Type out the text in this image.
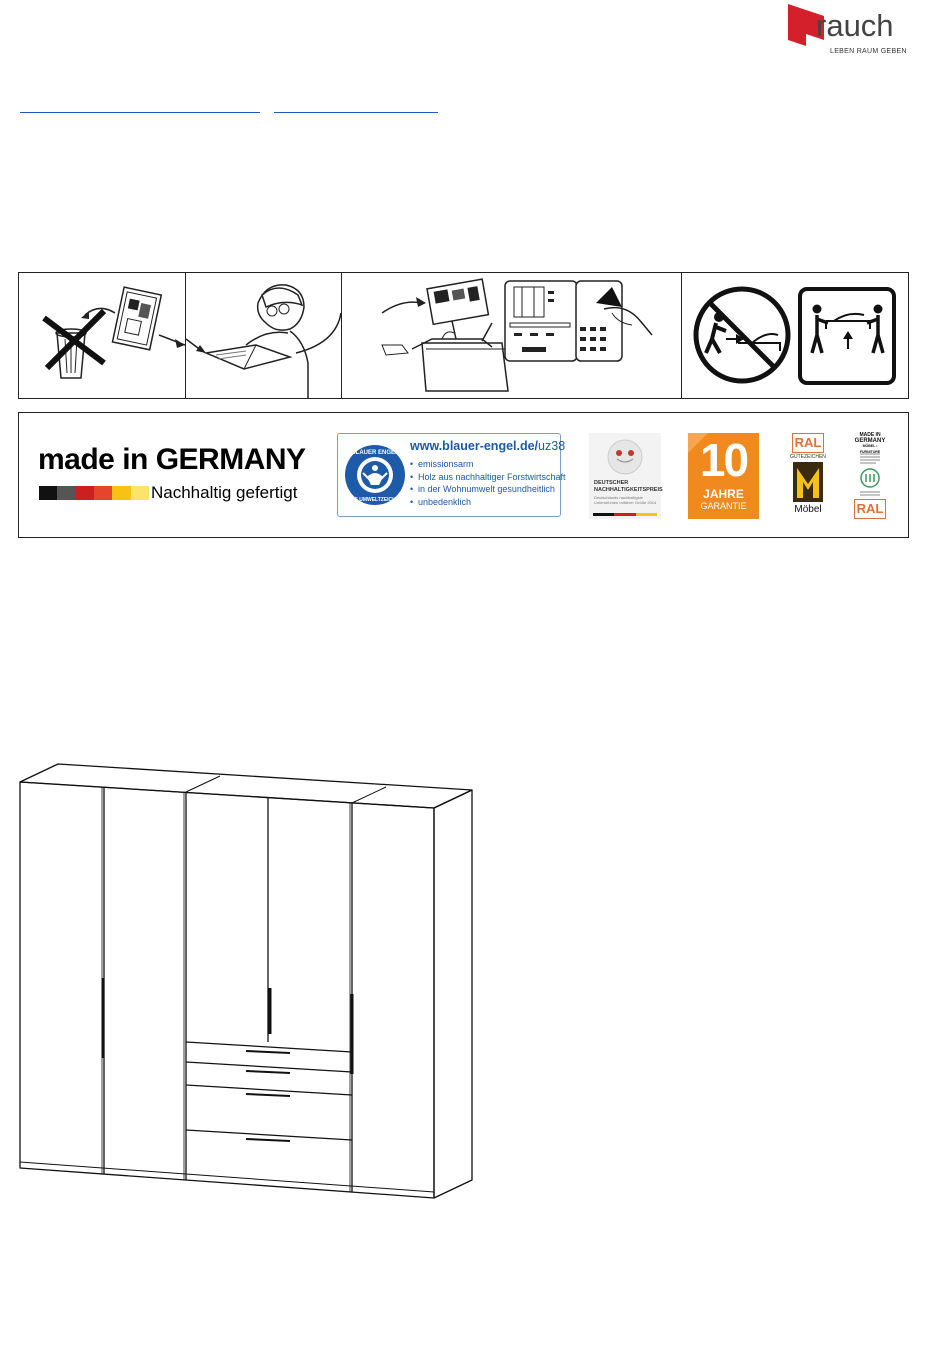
rauch
LEBEN RAUM GEBEN
made in GERMANY
Nachhaltig gefertigt
BLAUER ENGEL
DAS UMWELTZEICHEN
www.blauer-engel.de/uz38
• emissionsarm
• Holz aus nachhaltiger Forstwirtschaft
• in der Wohnumwelt gesundheitlich
• unbedenklich
DEUTSCHER
NACHHALTIGKEITSPREIS
Deutschlands nachhaltigste Unternehmen mittlerer Größe 2014
10
JAHRE
GARANTIE
RAL
GÜTEZEICHEN
Möbel
MADE IN
GERMANY
MÖBEL • FURNITURE
RAL
